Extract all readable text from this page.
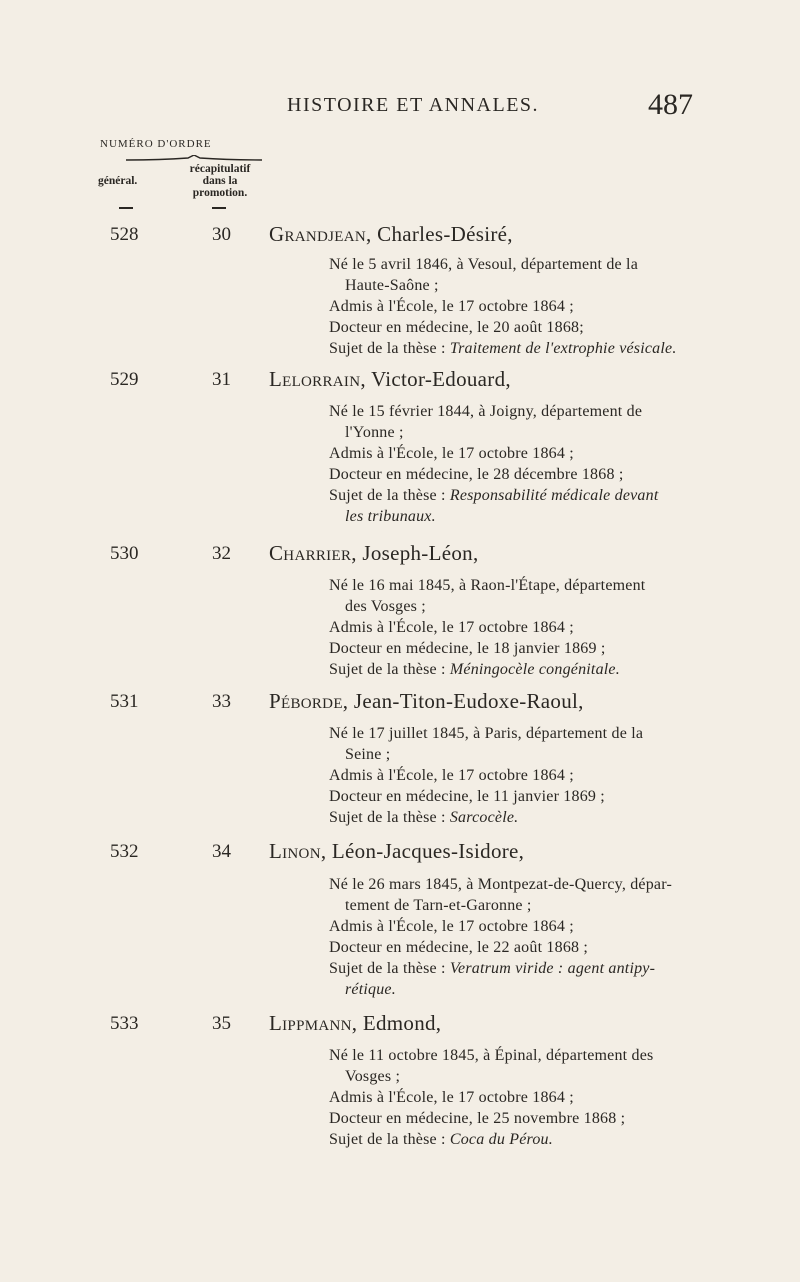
HISTOIRE ET ANNALES.	487
NUMÉRO D'ORDRE
récapitulatif
dans la
promotion.
général.
528	30 Grandjean, Charles-Désiré,
Né le 5 avril 1846, à Vesoul, département de la
Haute-Saône ;
Admis à l'École, le 17 octobre 1864 ;
Docteur en médecine, le 20 août 1868;
Sujet de la thèse : Traitement de l'extrophie vésicale.
529	31 Lelorrain, Victor-Edouard,
Né le 15 février 1844, à Joigny, département de
l'Yonne ;
Admis à l'École, le 17 octobre 1864 ;
Docteur en médecine, le 28 décembre 1868 ;
Sujet de la thèse : Responsabilité médicale devant
les tribunaux.
530	32 Charrier, Joseph-Léon,
Né le 16 mai 1845, à Raon-l'Étape, département
des Vosges ;
Admis à l'École, le 17 octobre 1864 ;
Docteur en médecine, le 18 janvier 1869 ;
Sujet de la thèse : Méningocèle congénitale.
531	33 Péborde, Jean-Titon-Eudoxe-Raoul,
Né le 17 juillet 1845, à Paris, département de la
Seine ;
Admis à l'École, le 17 octobre 1864 ;
Docteur en médecine, le 11 janvier 1869 ;
Sujet de la thèse : Sarcocèle.
532	34 Linon, Léon-Jacques-Isidore,
Né le 26 mars 1845, à Montpezat-de-Quercy, dépar-
tement de Tarn-et-Garonne ;
Admis à l'École, le 17 octobre 1864 ;
Docteur en médecine, le 22 août 1868 ;
Sujet de la thèse : Veratrum viride : agent antipy-
rétique.
533	35 Lippmann, Edmond,
Né le 11 octobre 1845, à Épinal, département des
Vosges ;
Admis à l'École, le 17 octobre 1864 ;
Docteur en médecine, le 25 novembre 1868 ;
Sujet de la thèse : Coca du Pérou.
